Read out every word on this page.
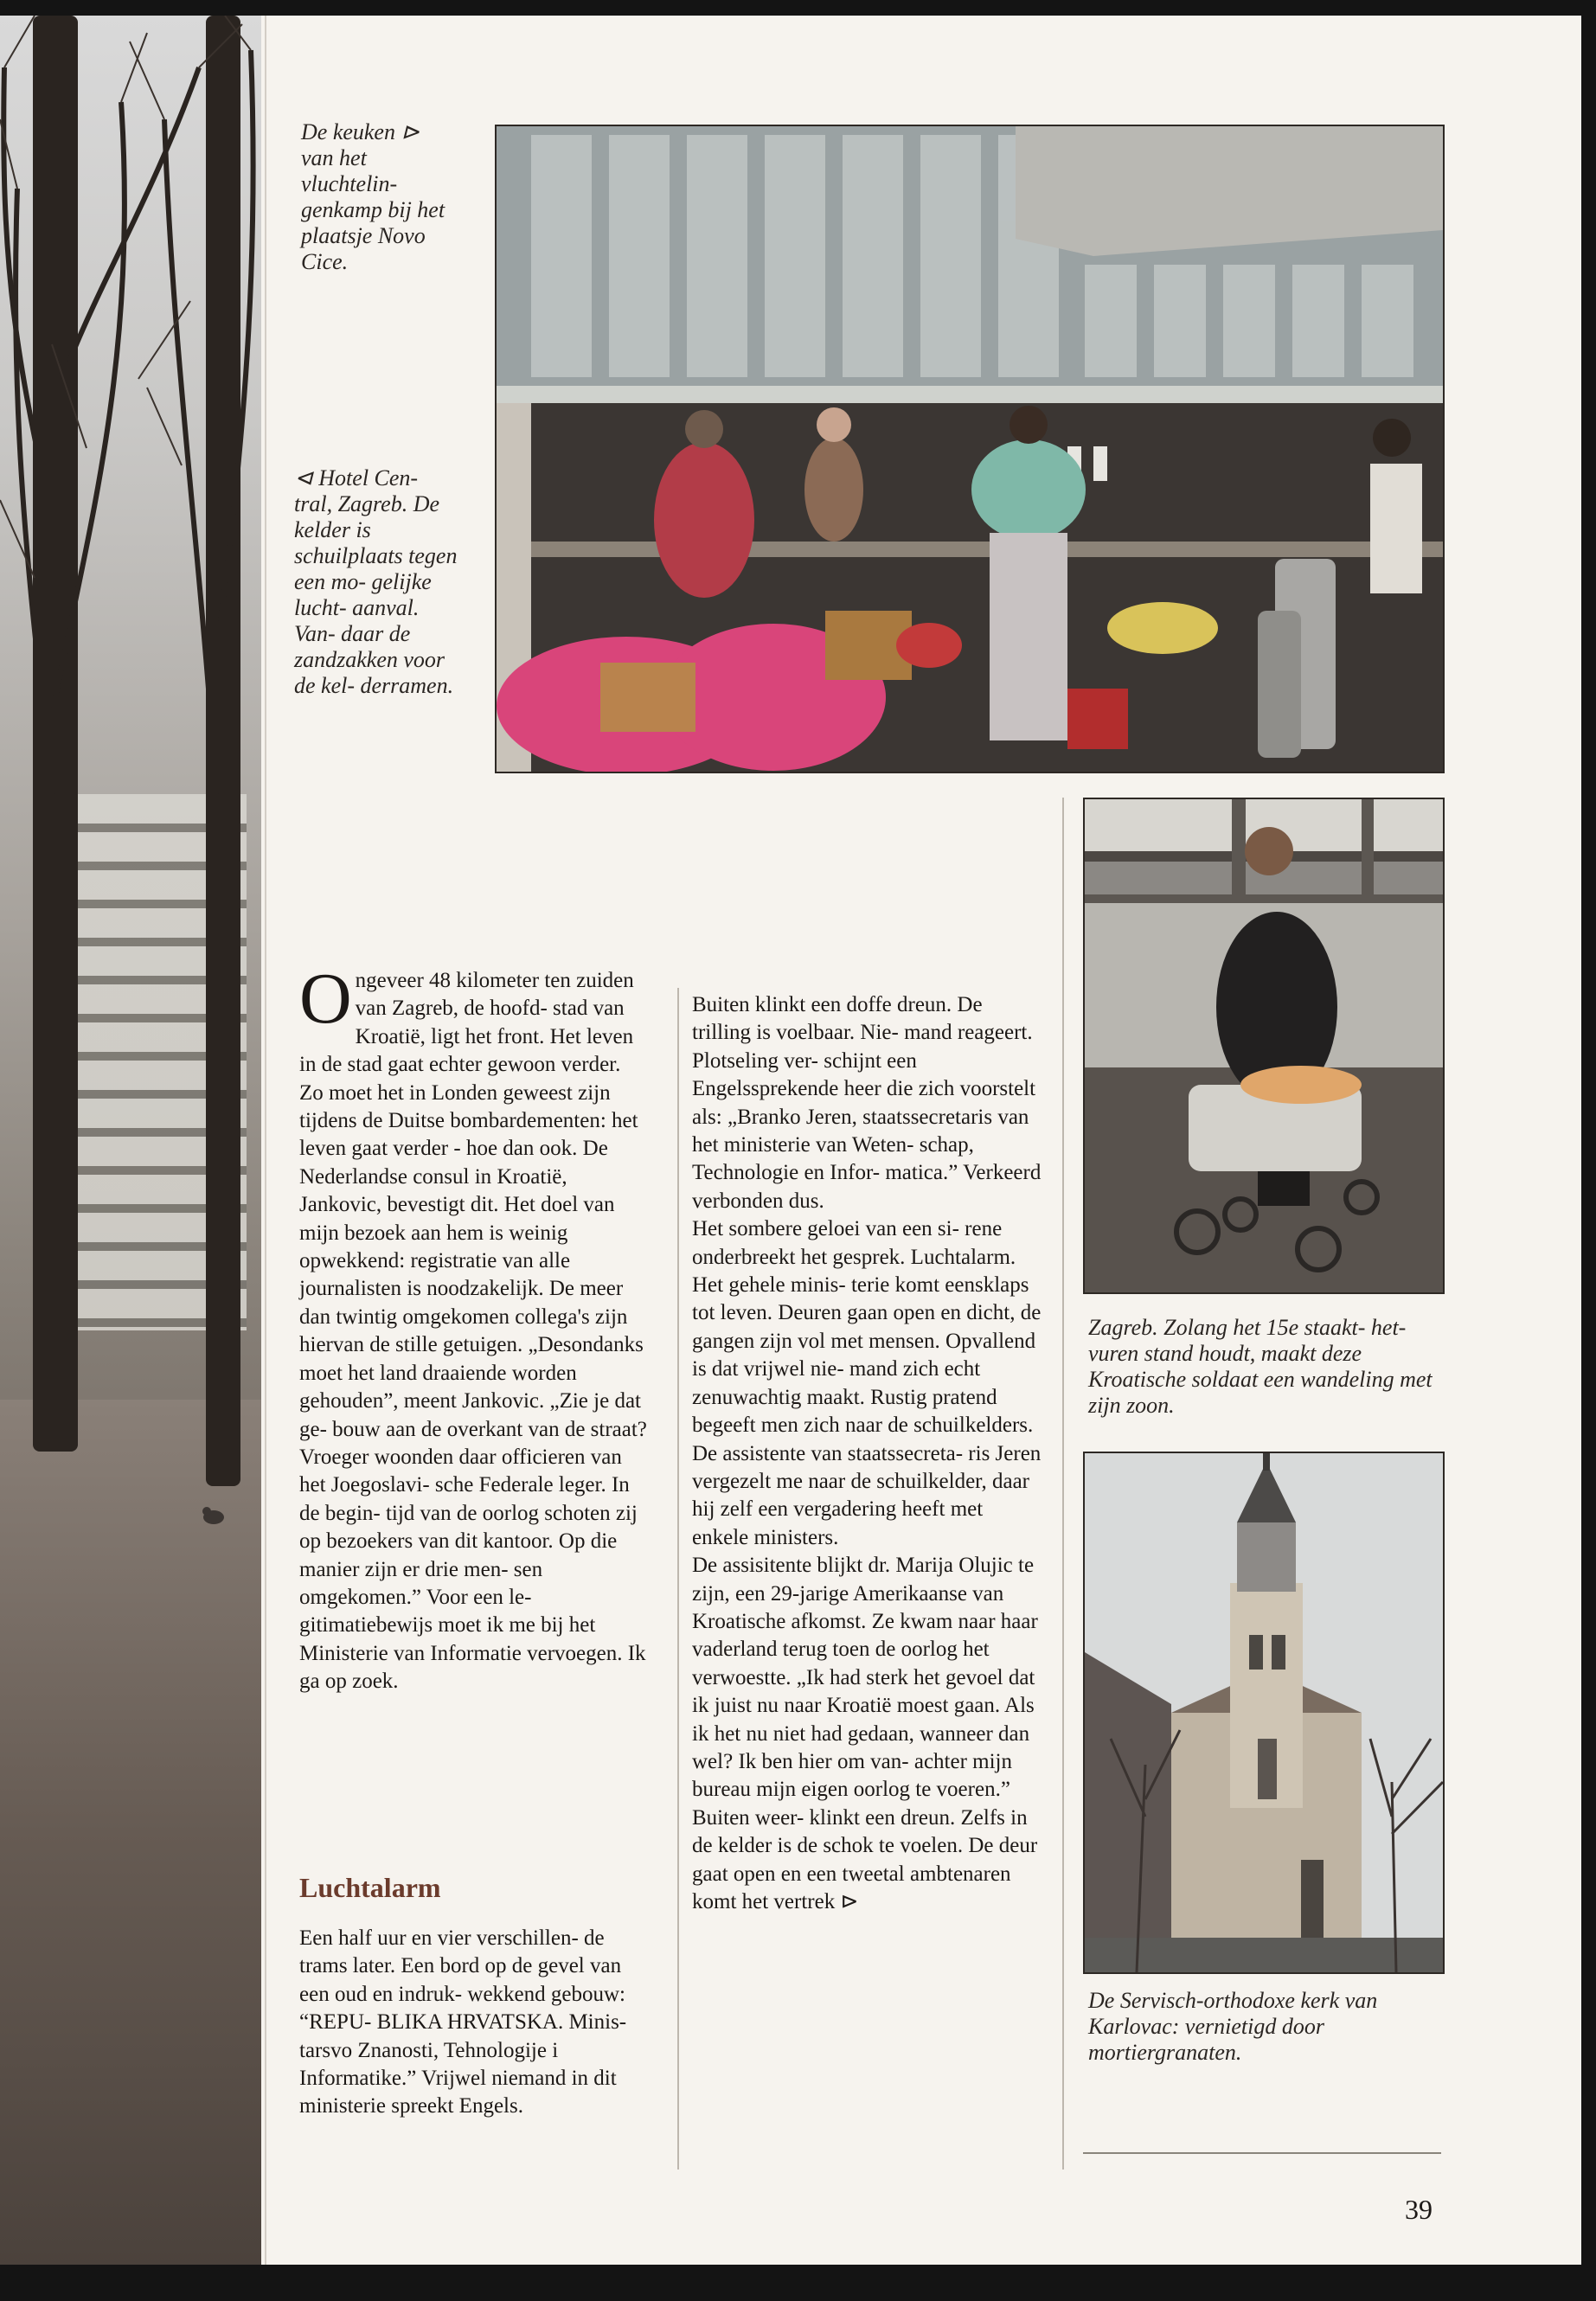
De keuken ⊳ van het vluchtelin- genkamp bij het plaatsje Novo Cice.

⊲ Hotel Cen- tral, Zagreb. De kelder is schuilplaats tegen een mo- gelijke lucht- aanval. Van- daar de zandzakken voor de kel- derramen.

Zagreb. Zolang het 15e staakt- het-vuren stand houdt, maakt deze Kroatische soldaat een wandeling met zijn zoon.

De Servisch-orthodoxe kerk van Karlovac: vernietigd door mortiergranaten.

Ongeveer 48 kilometer ten zuiden van Zagreb, de hoofd- stad van Kroatië, ligt het front. Het leven in de stad gaat echter gewoon verder. Zo moet het in Londen geweest zijn tijdens de Duitse bombardementen: het leven gaat verder - hoe dan ook. De Nederlandse consul in Kroatië, Jankovic, bevestigt dit. Het doel van mijn bezoek aan hem is weinig opwekkend: registratie van alle journalisten is noodzakelijk. De meer dan twintig omgekomen collega's zijn hiervan de stille getuigen. „Desondanks moet het land draaiende worden gehouden”, meent Jankovic. „Zie je dat ge- bouw aan de overkant van de straat? Vroeger woonden daar officieren van het Joegoslavi- sche Federale leger. In de begin- tijd van de oorlog schoten zij op bezoekers van dit kantoor. Op die manier zijn er drie men- sen omgekomen.” Voor een le- gitimatiebewijs moet ik me bij het Ministerie van Informatie vervoegen. Ik ga op zoek.

Luchtalarm

Een half uur en vier verschillen- de trams later. Een bord op de gevel van een oud en indruk- wekkend gebouw: “REPU- BLIKA HRVATSKA. Minis- tarsvo Znanosti, Tehnologije i Informatike.” Vrijwel niemand in dit ministerie spreekt Engels.

Buiten klinkt een doffe dreun. De trilling is voelbaar. Nie- mand reageert. Plotseling ver- schijnt een Engelssprekende heer die zich voorstelt als: „Branko Jeren, staatssecretaris van het ministerie van Weten- schap, Technologie en Infor- matica.” Verkeerd verbonden dus.

Het sombere geloei van een si- rene onderbreekt het gesprek. Luchtalarm. Het gehele minis- terie komt eensklaps tot leven. Deuren gaan open en dicht, de gangen zijn vol met mensen. Opvallend is dat vrijwel nie- mand zich echt zenuwachtig maakt. Rustig pratend begeeft men zich naar de schuilkelders. De assistente van staatssecreta- ris Jeren vergezelt me naar de schuilkelder, daar hij zelf een vergadering heeft met enkele ministers.

De assisitente blijkt dr. Marija Olujic te zijn, een 29-jarige Amerikaanse van Kroatische afkomst. Ze kwam naar haar vaderland terug toen de oorlog het verwoestte. „Ik had sterk het gevoel dat ik juist nu naar Kroatië moest gaan. Als ik het nu niet had gedaan, wanneer dan wel? Ik ben hier om van- achter mijn bureau mijn eigen oorlog te voeren.” Buiten weer- klinkt een dreun. Zelfs in de kelder is de schok te voelen. De deur gaat open en een tweetal ambtenaren komt het vertrek ⊳

39
